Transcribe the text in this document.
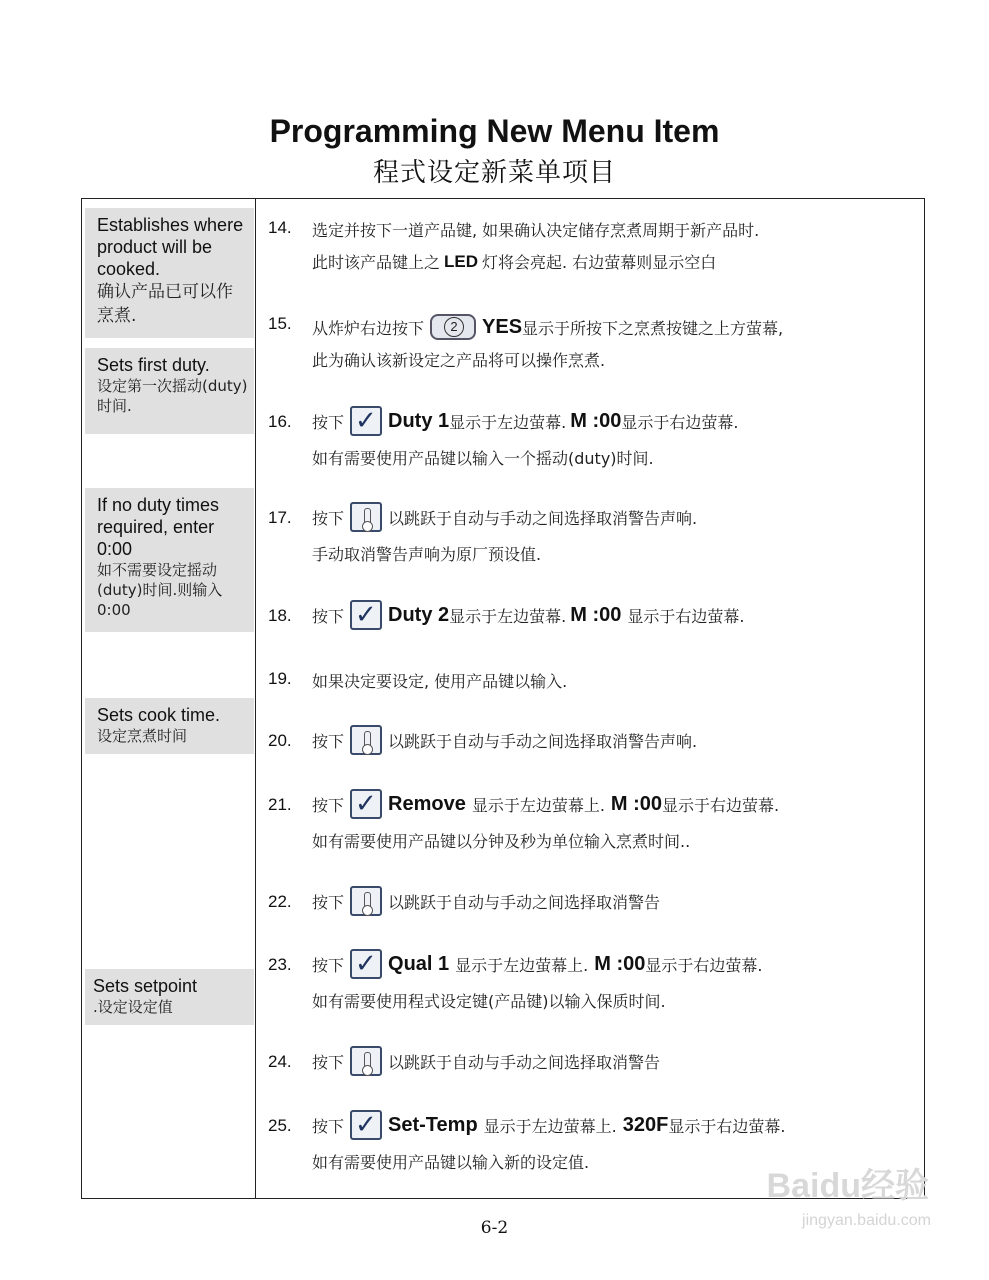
Programming New Menu Item
程式设定新菜单项目
Establishes where product will be cooked.
确认产品已可以作烹煮.
Sets first duty.
设定第一次摇动(duty)时间.
If no duty times required, enter 0:00
如不需要设定摇动(duty)时间.则输入0:00
Sets cook time.
设定烹煮时间
Sets setpoint
.设定设定值
14. 选定并按下一道产品键, 如果确认决定储存烹煮周期于新产品时.
此时该产品键上之 LED 灯将会亮起. 右边萤幕则显示空白
15. 从炸炉右边按下	2	YES 显示于所按下之烹煮按键之上方萤幕,
此为确认该新设定之产品将可以操作烹煮.
16. 按下 ✓ Duty 1 显示于左边萤幕. M :00 显示于右边萤幕.
如有需要使用产品键以输入一个摇动(duty)时间.
17. 按下	以跳跃于自动与手动之间选择取消警告声响.
手动取消警告声响为原厂预设值.
18. 按下 ✓ Duty 2 显示于左边萤幕. M :00 显示于右边萤幕.
19. 如果决定要设定, 使用产品键以输入.
20. 按下	以跳跃于自动与手动之间选择取消警告声响.
21. 按下 ✓ Remove 显示于左边萤幕上. M :00 显示于右边萤幕.
如有需要使用产品键以分钟及秒为单位输入烹煮时间..
22. 按下	以跳跃于自动与手动之间选择取消警告
23. 按下 ✓ Qual 1 显示于左边萤幕上. M :00 显示于右边萤幕.
如有需要使用程式设定键(产品键)以输入保质时间.
24. 按下	以跳跃于自动与手动之间选择取消警告
25. 按下 ✓ Set-Temp 显示于左边萤幕上. 320F 显示于右边萤幕.
如有需要使用产品键以输入新的设定值.
6-2
Baidu经验
jingyan.baidu.com
